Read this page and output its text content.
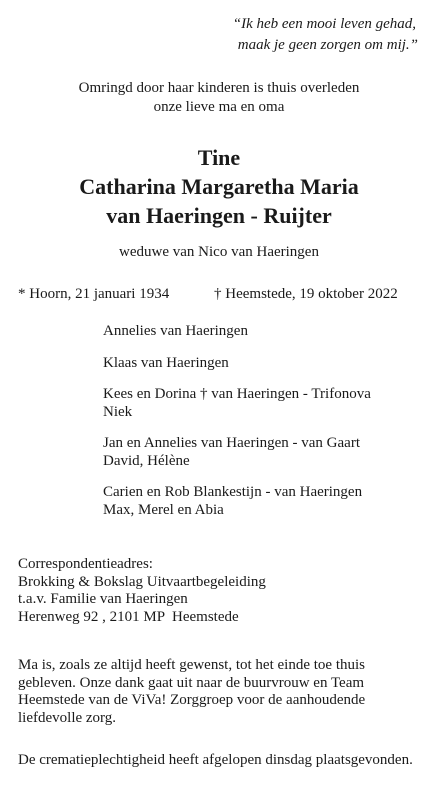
“Ik heb een mooi leven gehad,
maak je geen zorgen om mij.”
Omringd door haar kinderen is thuis overleden
onze lieve ma en oma
Tine
Catharina Margaretha Maria
van Haeringen - Ruijter
weduwe van Nico van Haeringen
* Hoorn, 21 januari 1934	† Heemstede, 19 oktober 2022
Annelies van Haeringen
Klaas van Haeringen
Kees en Dorina † van Haeringen - Trifonova
Niek
Jan en Annelies van Haeringen - van Gaart
David, Hélène
Carien en Rob Blankestijn - van Haeringen
Max, Merel en Abia
Correspondentieadres:
Brokking & Bokslag Uitvaartbegeleiding
t.a.v. Familie van Haeringen
Herenweg 92 , 2101 MP  Heemstede
Ma is, zoals ze altijd heeft gewenst, tot het einde toe thuis gebleven. Onze dank gaat uit naar de buurvrouw en Team Heemstede van de ViVa! Zorggroep voor de aanhoudende liefdevolle zorg.
De crematieplechtigheid heeft afgelopen dinsdag plaatsgevonden.
